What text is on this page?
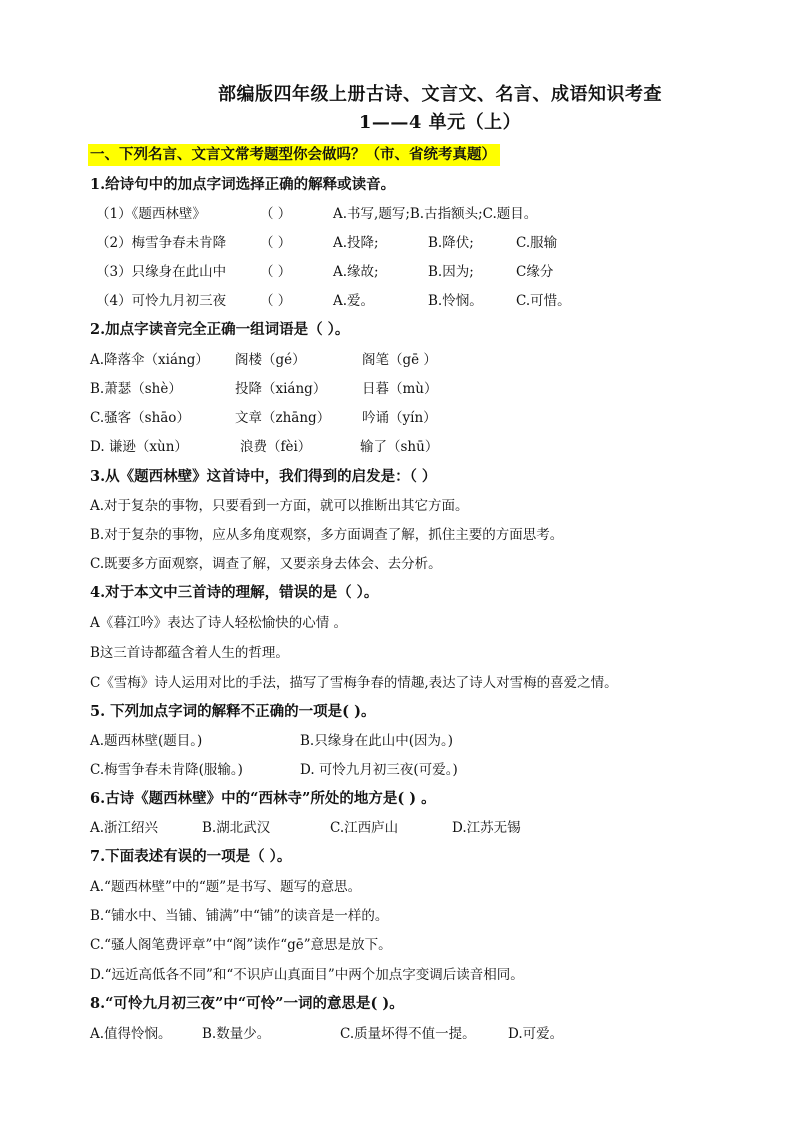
部编版四年级上册古诗、文言文、名言、成语知识考查
1——4 单元（上）
一、下列名言、文言文常考题型你会做吗？（市、省统考真题）
1.给诗句中的加点字词选择正确的解释或读音。
（1）《题西林壁》	（ ）	A.书写,题写;B.古指额头;C.题目。
（2）梅雪争春未肯降	（ ）	A.投降;	B.降伏;	C.服输
（3）只缘身在此山中	（ ）	A.缘故;	B.因为;	C缘分
（4）可怜九月初三夜	（ ）	A.爱。	B.怜悯。 C.可惜。
2.加点字读音完全正确一组词语是（ ）。
A.降落伞（xiáng） 阁楼（gé）	阁笔（gē ）
B.萧瑟（shè）	投降（xiáng）	日暮（mù）
C.骚客（shāo）	文章（zhāng） 吟诵（yín）
D. 谦逊（xùn）	浪费（fèi）	输了（shū）
3.从《题西林壁》这首诗中，我们得到的启发是：（ ）
A.对于复杂的事物，只要看到一方面，就可以推断出其它方面。
B.对于复杂的事物，应从多角度观察，多方面调查了解，抓住主要的方面思考。
C.既要多方面观察，调查了解，又要亲身去体会、去分析。
4.对于本文中三首诗的理解，错误的是（ ）。
A《暮江吟》表达了诗人轻松愉快的心情 。
B这三首诗都蕴含着人生的哲理。
C《雪梅》诗人运用对比的手法，描写了雪梅争春的情趣,表达了诗人对雪梅的喜爱之情。
5. 下列加点字词的解释不正确的一项是( )。
A.题西林壁(题目。)	B.只缘身在此山中(因为。)
C.梅雪争春未肯降(服输。)	D. 可怜九月初三夜(可爱。)
6.古诗《题西林壁》中的“西林寺”所处的地方是( ) 。
A.浙江绍兴	B.湖北武汉	C.江西庐山	D.江苏无锡
7.下面表述有误的一项是（ ）。
A.“题西林壁”中的“题”是书写、题写的意思。
B.“铺水中、当铺、铺满”中“铺”的读音是一样的。
C.“骚人阁笔费评章”中“阁”读作“gē”意思是放下。
D.“远近高低各不同”和“不识庐山真面目”中两个加点字变调后读音相同。
8.“可怜九月初三夜”中“可怜”一词的意思是( )。
A.值得怜悯。 B.数量少。	C.质量坏得不值一提。 D.可爱。
